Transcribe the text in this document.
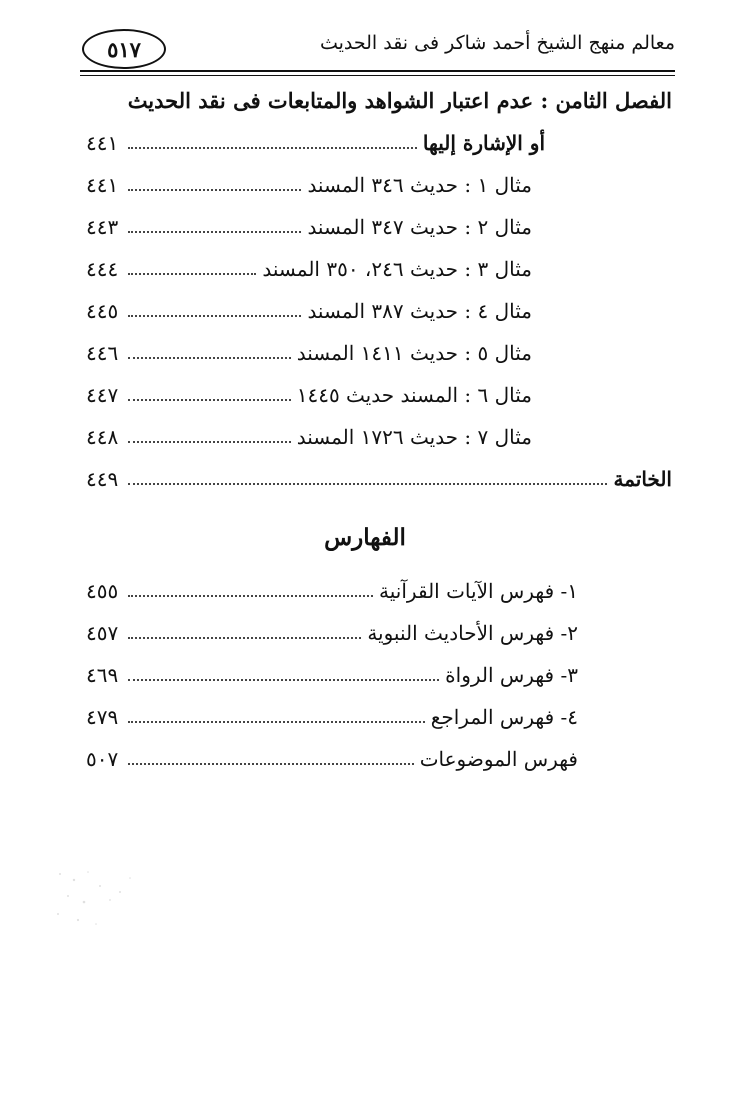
٥١٧	معالم منهج الشيخ أحمد شاكر فى نقد الحديث
الفصل الثامن : عدم اعتبار الشواهد والمتابعات فى نقد الحديث
أو الإشارة إليها
٤٤١
مثال ١ : حديث ٣٤٦ المسند
٤٤١
مثال ٢ : حديث ٣٤٧ المسند
٤٤٣
مثال ٣ : حديث ٢٤٦، ٣٥٠ المسند
٤٤٤
مثال ٤ : حديث ٣٨٧ المسند
٤٤٥
مثال ٥ : حديث ١٤١١ المسند
٤٤٦
مثال ٦ : المسند حديث ١٤٤٥
٤٤٧
مثال ٧ : حديث ١٧٢٦ المسند
٤٤٨
الخاتمة
٤٤٩
الفهارس
١- فهرس الآيات القرآنية
٤٥٥
٢- فهرس الأحاديث النبوية
٤٥٧
٣- فهرس الرواة
٤٦٩
٤- فهرس المراجع
٤٧٩
فهرس الموضوعات
٥٠٧
